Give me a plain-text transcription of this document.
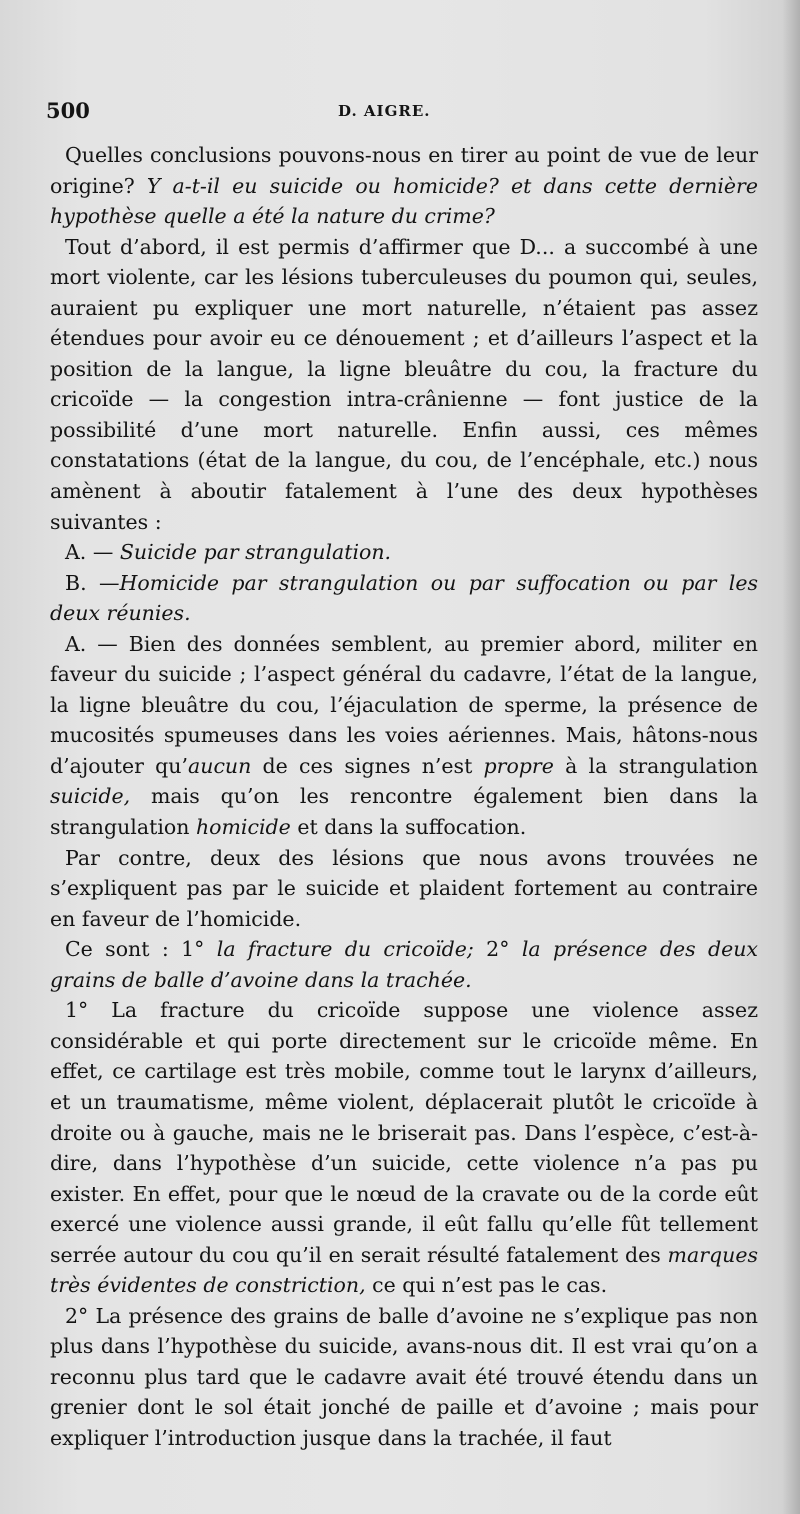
500	D. AIGRE.

Quelles conclusions pouvons-nous en tirer au point de vue de leur origine? Y a-t-il eu suicide ou homicide? et dans cette dernière hypothèse quelle a été la nature du crime?

Tout d’abord, il est permis d’affirmer que D... a succombé à une mort violente, car les lésions tuberculeuses du poumon qui, seules, auraient pu expliquer une mort naturelle, n’étaient pas assez étendues pour avoir eu ce dénouement ; et d’ailleurs l’aspect et la position de la langue, la ligne bleuâtre du cou, la fracture du cricoïde — la congestion intra-crânienne — font justice de la possibilité d’une mort naturelle. Enfin aussi, ces mêmes constatations (état de la langue, du cou, de l’encéphale, etc.) nous amènent à aboutir fatalement à l’une des deux hypothèses suivantes :

A. — Suicide par strangulation.

B. —Homicide par strangulation ou par suffocation ou par les deux réunies.

A. — Bien des données semblent, au premier abord, militer en faveur du suicide ; l’aspect général du cadavre, l’état de la langue, la ligne bleuâtre du cou, l’éjaculation de sperme, la présence de mucosités spumeuses dans les voies aériennes. Mais, hâtons-nous d’ajouter qu’aucun de ces signes n’est propre à la strangulation suicide, mais qu’on les rencontre également bien dans la strangulation homicide et dans la suffocation.

Par contre, deux des lésions que nous avons trouvées ne s’expliquent pas par le suicide et plaident fortement au contraire en faveur de l’homicide.

Ce sont : 1° la fracture du cricoïde; 2° la présence des deux grains de balle d’avoine dans la trachée.

1° La fracture du cricoïde suppose une violence assez considérable et qui porte directement sur le cricoïde même. En effet, ce cartilage est très mobile, comme tout le larynx d’ailleurs, et un traumatisme, même violent, déplacerait plutôt le cricoïde à droite ou à gauche, mais ne le briserait pas. Dans l’espèce, c’est-à-dire, dans l’hypothèse d’un suicide, cette violence n’a pas pu exister. En effet, pour que le nœud de la cravate ou de la corde eût exercé une violence aussi grande, il eût fallu qu’elle fût tellement serrée autour du cou qu’il en serait résulté fatalement des marques très évidentes de constriction, ce qui n’est pas le cas.

2° La présence des grains de balle d’avoine ne s’explique pas non plus dans l’hypothèse du suicide, avans-nous dit. Il est vrai qu’on a reconnu plus tard que le cadavre avait été trouvé étendu dans un grenier dont le sol était jonché de paille et d’avoine ; mais pour expliquer l’introduction jusque dans la trachée, il faut
